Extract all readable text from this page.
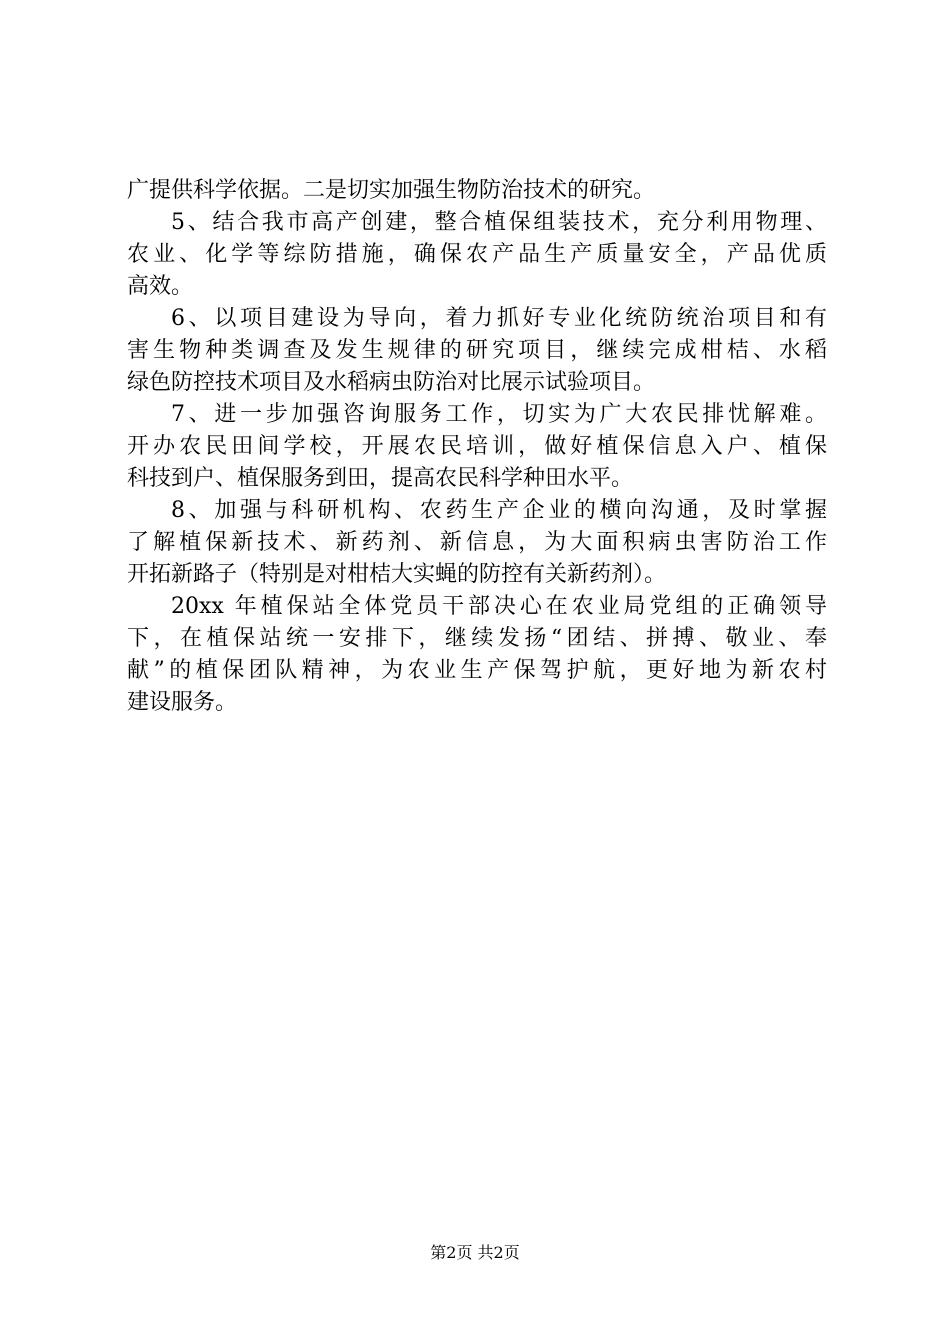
广提供科学依据。二是切实加强生物防治技术的研究。
5、结合我市高产创建，整合植保组装技术，充分利用物理、
农业、化学等综防措施，确保农产品生产质量安全，产品优质
高效。
6、以项目建设为导向，着力抓好专业化统防统治项目和有
害生物种类调查及发生规律的研究项目，继续完成柑桔、水稻
绿色防控技术项目及水稻病虫防治对比展示试验项目。
7、进一步加强咨询服务工作，切实为广大农民排忧解难。
开办农民田间学校，开展农民培训，做好植保信息入户、植保
科技到户、植保服务到田，提高农民科学种田水平。
8、加强与科研机构、农药生产企业的横向沟通，及时掌握
了解植保新技术、新药剂、新信息，为大面积病虫害防治工作
开拓新路子（特别是对柑桔大实蝇的防控有关新药剂）。
20xx 年植保站全体党员干部决心在农业局党组的正确领导
下，在植保站统一安排下，继续发扬“团结、拼搏、敬业、奉
献”的植保团队精神，为农业生产保驾护航，更好地为新农村
建设服务。
第2页 共2页
